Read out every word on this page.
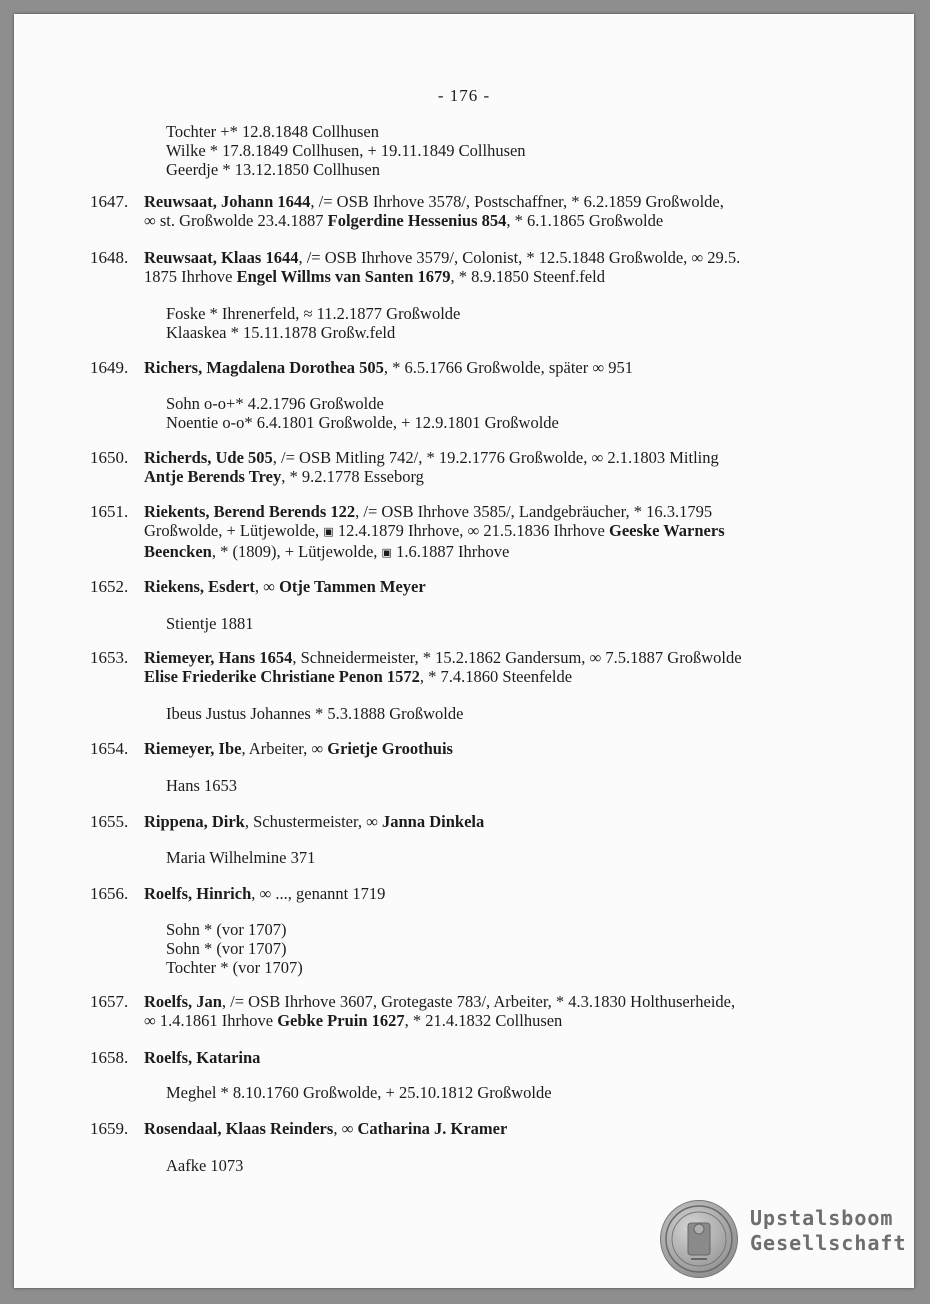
- 176 -
Tochter +* 12.8.1848 Collhusen
Wilke * 17.8.1849 Collhusen, + 19.11.1849 Collhusen
Geerdje * 13.12.1850 Collhusen
1647. Reuwsaat, Johann 1644, /= OSB Ihrhove 3578/, Postschaffner, * 6.2.1859 Großwolde,
∞ st. Großwolde 23.4.1887 Folgerdine Hessenius 854, * 6.1.1865 Großwolde
1648. Reuwsaat, Klaas 1644, /= OSB Ihrhove 3579/, Colonist, * 12.5.1848 Großwolde, ∞ 29.5.
1875 Ihrhove Engel Willms van Santen 1679, * 8.9.1850 Steenf.feld
Foske * Ihrenerfeld, ≈ 11.2.1877 Großwolde
Klaaskea * 15.11.1878 Großw.feld
1649. Richers, Magdalena Dorothea 505, * 6.5.1766 Großwolde, später ∞ 951
Sohn o-o+* 4.2.1796 Großwolde
Noentie o-o* 6.4.1801 Großwolde, + 12.9.1801 Großwolde
1650. Richerds, Ude 505, /= OSB Mitling 742/, * 19.2.1776 Großwolde, ∞ 2.1.1803 Mitling
Antje Berends Trey, * 9.2.1778 Esseborg
1651. Riekents, Berend Berends 122, /= OSB Ihrhove 3585/, Landgebräucher, * 16.3.1795
Großwolde, + Lütjewolde, ▣ 12.4.1879 Ihrhove, ∞ 21.5.1836 Ihrhove Geeske Warners
Beencken, * (1809), + Lütjewolde, ▣ 1.6.1887 Ihrhove
1652. Riekens, Esdert, ∞ Otje Tammen Meyer
Stientje 1881
1653. Riemeyer, Hans 1654, Schneidermeister, * 15.2.1862 Gandersum, ∞ 7.5.1887 Großwolde
Elise Friederike Christiane Penon 1572, * 7.4.1860 Steenfelde
Ibeus Justus Johannes * 5.3.1888 Großwolde
1654. Riemeyer, Ibe, Arbeiter, ∞ Grietje Groothuis
Hans 1653
1655. Rippena, Dirk, Schustermeister, ∞ Janna Dinkela
Maria Wilhelmine 371
1656. Roelfs, Hinrich, ∞ ..., genannt 1719
Sohn * (vor 1707)
Sohn * (vor 1707)
Tochter * (vor 1707)
1657. Roelfs, Jan, /= OSB Ihrhove 3607, Grotegaste 783/, Arbeiter, * 4.3.1830 Holthuserheide,
∞ 1.4.1861 Ihrhove Gebke Pruin 1627, * 21.4.1832 Collhusen
1658. Roelfs, Katarina
Meghel * 8.10.1760 Großwolde, + 25.10.1812 Großwolde
1659. Rosendaal, Klaas Reinders, ∞ Catharina J. Kramer
Aafke 1073
Upstalsboom
Gesellschaft
